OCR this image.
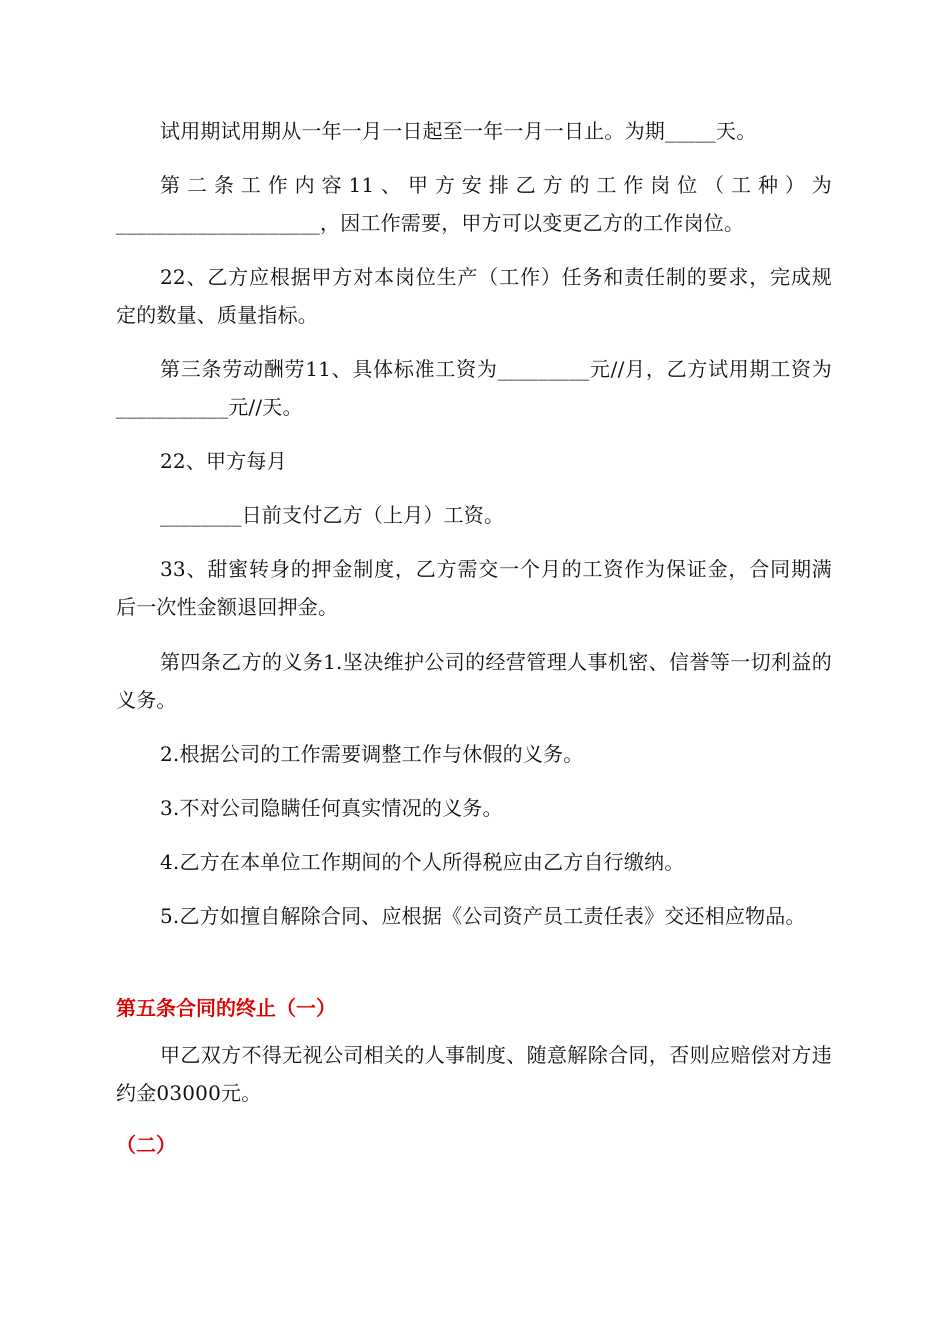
试用期试用期从一年一月一日起至一年一月一日止。为期_____天。
第二条工作内容11、甲方安排乙方的工作岗位（工种）为____________________，因工作需要，甲方可以变更乙方的工作岗位。
22、乙方应根据甲方对本岗位生产（工作）任务和责任制的要求，完成规定的数量、质量指标。
第三条劳动酬劳11、具体标准工资为_________元//月，乙方试用期工资为___________元//天。
22、甲方每月
________日前支付乙方（上月）工资。
33、甜蜜转身的押金制度，乙方需交一个月的工资作为保证金，合同期满后一次性金额退回押金。
第四条乙方的义务1.坚决维护公司的经营管理人事机密、信誉等一切利益的义务。
2.根据公司的工作需要调整工作与休假的义务。
3.不对公司隐瞒任何真实情况的义务。
4.乙方在本单位工作期间的个人所得税应由乙方自行缴纳。
5.乙方如擅自解除合同、应根据《公司资产员工责任表》交还相应物品。
第五条合同的终止（一）
甲乙双方不得无视公司相关的人事制度、随意解除合同，否则应赔偿对方违约金03000元。
（二）
